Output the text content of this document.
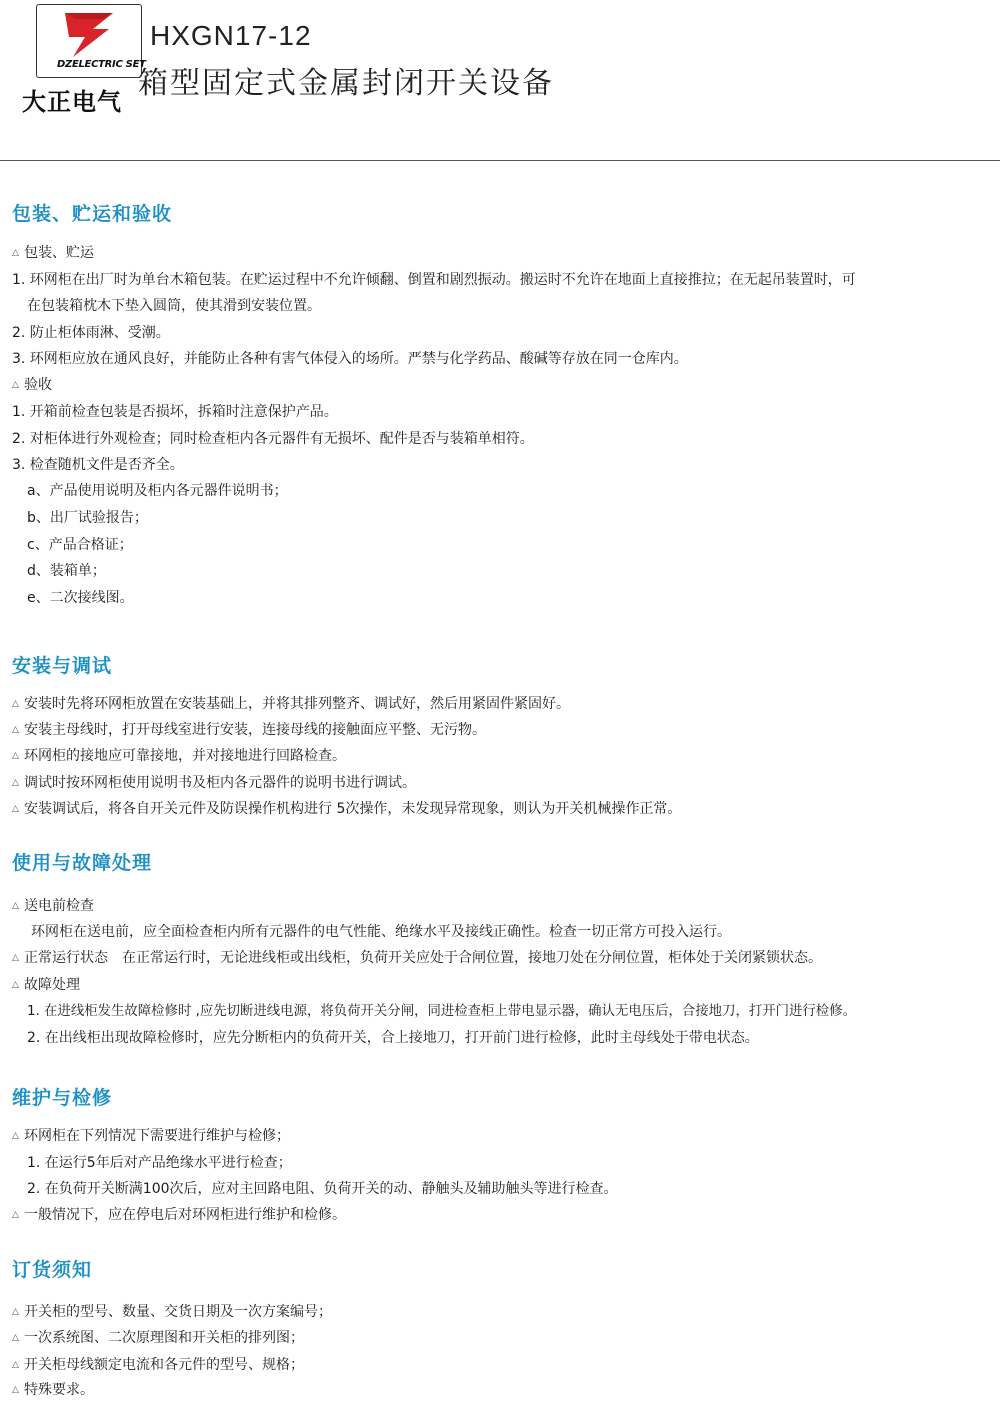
DZELECTRIC SET
大正电气
HXGN17-12
箱型固定式金属封闭开关设备
包装、贮运和验收
△ 包装、贮运
1. 环网柜在出厂时为单台木箱包装。在贮运过程中不允许倾翻、倒置和剧烈振动。搬运时不允许在地面上直接推拉；在无起吊装置时，可
在包装箱枕木下垫入圆筒，使其滑到安装位置。
2. 防止柜体雨淋、受潮。
3. 环网柜应放在通风良好，并能防止各种有害气体侵入的场所。严禁与化学药品、酸碱等存放在同一仓库内。
△ 验收
1. 开箱前检查包装是否损坏，拆箱时注意保护产品。
2. 对柜体进行外观检查；同时检查柜内各元器件有无损坏、配件是否与装箱单相符。
3. 检查随机文件是否齐全。
a、产品使用说明及柜内各元器件说明书；
b、出厂试验报告；
c、产品合格证；
d、装箱单；
e、二次接线图。
安装与调试
△ 安装时先将环网柜放置在安装基础上，并将其排列整齐、调试好，然后用紧固件紧固好。
△ 安装主母线时，打开母线室进行安装，连接母线的接触面应平整、无污物。
△ 环网柜的接地应可靠接地，并对接地进行回路检查。
△ 调试时按环网柜使用说明书及柜内各元器件的说明书进行调试。
△ 安装调试后，将各自开关元件及防误操作机构进行 5次操作，未发现异常现象，则认为开关机械操作正常。
使用与故障处理
△ 送电前检查
环网柜在送电前，应全面检查柜内所有元器件的电气性能、绝缘水平及接线正确性。检查一切正常方可投入运行。
△ 正常运行状态　在正常运行时，无论进线柜或出线柜，负荷开关应处于合闸位置，接地刀处在分闸位置，柜体处于关闭紧锁状态。
△ 故障处理
1. 在进线柜发生故障检修时 ,应先切断进线电源，将负荷开关分闸，同进检查柜上带电显示器，确认无电压后，合接地刀，打开门进行检修。
2. 在出线柜出现故障检修时，应先分断柜内的负荷开关，合上接地刀，打开前门进行检修，此时主母线处于带电状态。
维护与检修
△ 环网柜在下列情况下需要进行维护与检修；
1. 在运行5年后对产品绝缘水平进行检查；
2. 在负荷开关断满100次后，应对主回路电阻、负荷开关的动、静触头及辅助触头等进行检查。
△ 一般情况下，应在停电后对环网柜进行维护和检修。
订货须知
△ 开关柜的型号、数量、交货日期及一次方案编号；
△ 一次系统图、二次原理图和开关柜的排列图；
△ 开关柜母线额定电流和各元件的型号、规格；
△ 特殊要求。
